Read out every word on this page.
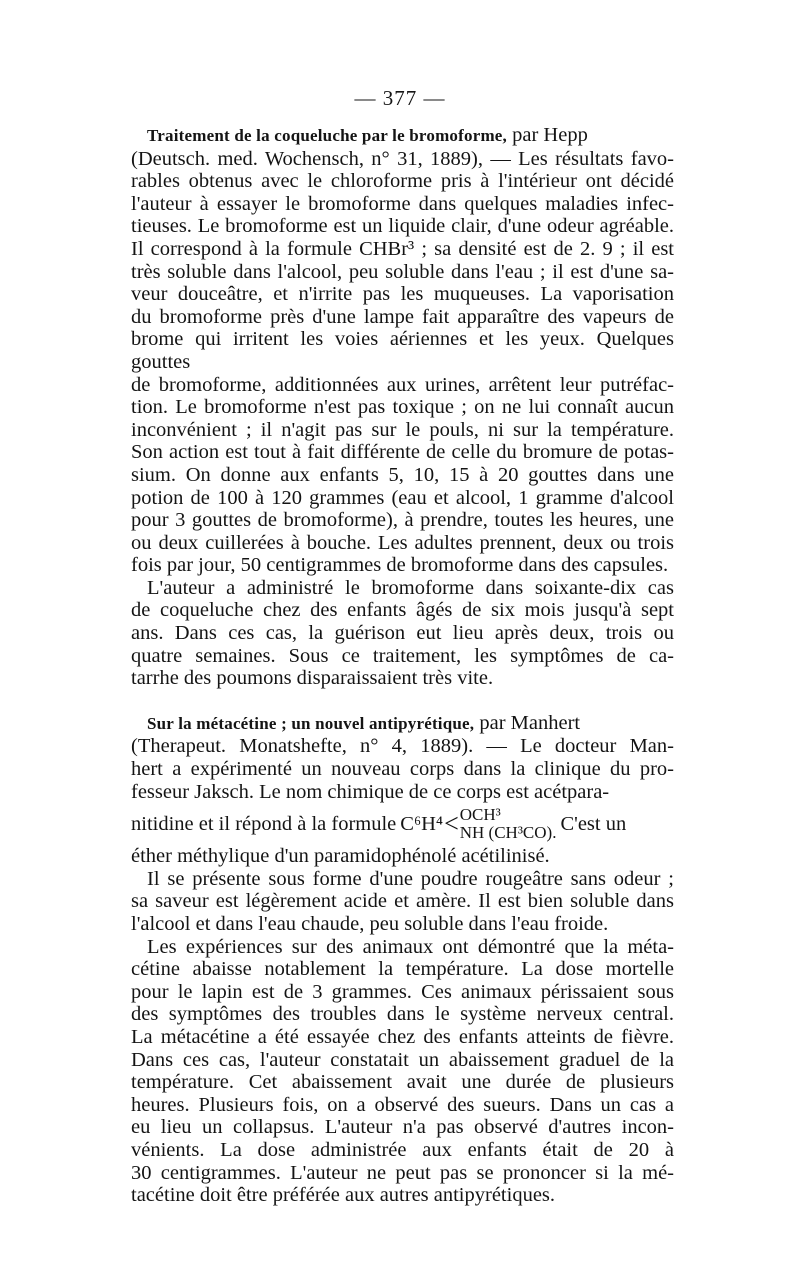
— 377 —

Traitement de la coqueluche par le bromoforme, par Hepp

(Deutsch. med. Wochensch, n° 31, 1889), — Les résultats favo-

rables obtenus avec le chloroforme pris à l'intérieur ont décidé

l'auteur à essayer le bromoforme dans quelques maladies infec-

tieuses. Le bromoforme est un liquide clair, d'une odeur agréable.

Il correspond à la formule CHBr³ ; sa densité est de 2. 9 ; il est

très soluble dans l'alcool, peu soluble dans l'eau ; il est d'une sa-

veur douceâtre, et n'irrite pas les muqueuses. La vaporisation

du bromoforme près d'une lampe fait apparaître des vapeurs de

brome qui irritent les voies aériennes et les yeux. Quelques gouttes

de bromoforme, additionnées aux urines, arrêtent leur putréfac-

tion. Le bromoforme n'est pas toxique ; on ne lui connaît aucun

inconvénient ; il n'agit pas sur le pouls, ni sur la température.

Son action est tout à fait différente de celle du bromure de potas-

sium. On donne aux enfants 5, 10, 15 à 20 gouttes dans une

potion de 100 à 120 grammes (eau et alcool, 1 gramme d'alcool

pour 3 gouttes de bromoforme), à prendre, toutes les heures, une

ou deux cuillerées à bouche. Les adultes prennent, deux ou trois

fois par jour, 50 centigrammes de bromoforme dans des capsules.

L'auteur a administré le bromoforme dans soixante-dix cas

de coqueluche chez des enfants âgés de six mois jusqu'à sept

ans. Dans ces cas, la guérison eut lieu après deux, trois ou

quatre semaines. Sous ce traitement, les symptômes de ca-

tarrhe des poumons disparaissaient très vite.

Sur la métacétine ; un nouvel antipyrétique, par Manhert

(Therapeut. Monatshefte, n° 4, 1889). — Le docteur Man-

hert a expérimenté un nouveau corps dans la clinique du pro-

fesseur Jaksch. Le nom chimique de ce corps est acétpara-

nitidine et il répond à la formule C⁶H⁴ < OCH³
NH (CH³CO). C'est un

éther méthylique d'un paramidophénolé acétilinisé.

Il se présente sous forme d'une poudre rougeâtre sans odeur ;

sa saveur est légèrement acide et amère. Il est bien soluble dans

l'alcool et dans l'eau chaude, peu soluble dans l'eau froide.

Les expériences sur des animaux ont démontré que la méta-

cétine abaisse notablement la température. La dose mortelle

pour le lapin est de 3 grammes. Ces animaux périssaient sous

des symptômes des troubles dans le système nerveux central.

La métacétine a été essayée chez des enfants atteints de fièvre.

Dans ces cas, l'auteur constatait un abaissement graduel de la

température. Cet abaissement avait une durée de plusieurs

heures. Plusieurs fois, on a observé des sueurs. Dans un cas a

eu lieu un collapsus. L'auteur n'a pas observé d'autres incon-

vénients. La dose administrée aux enfants était de 20 à

30 centigrammes. L'auteur ne peut pas se prononcer si la mé-

tacétine doit être préférée aux autres antipyrétiques.
